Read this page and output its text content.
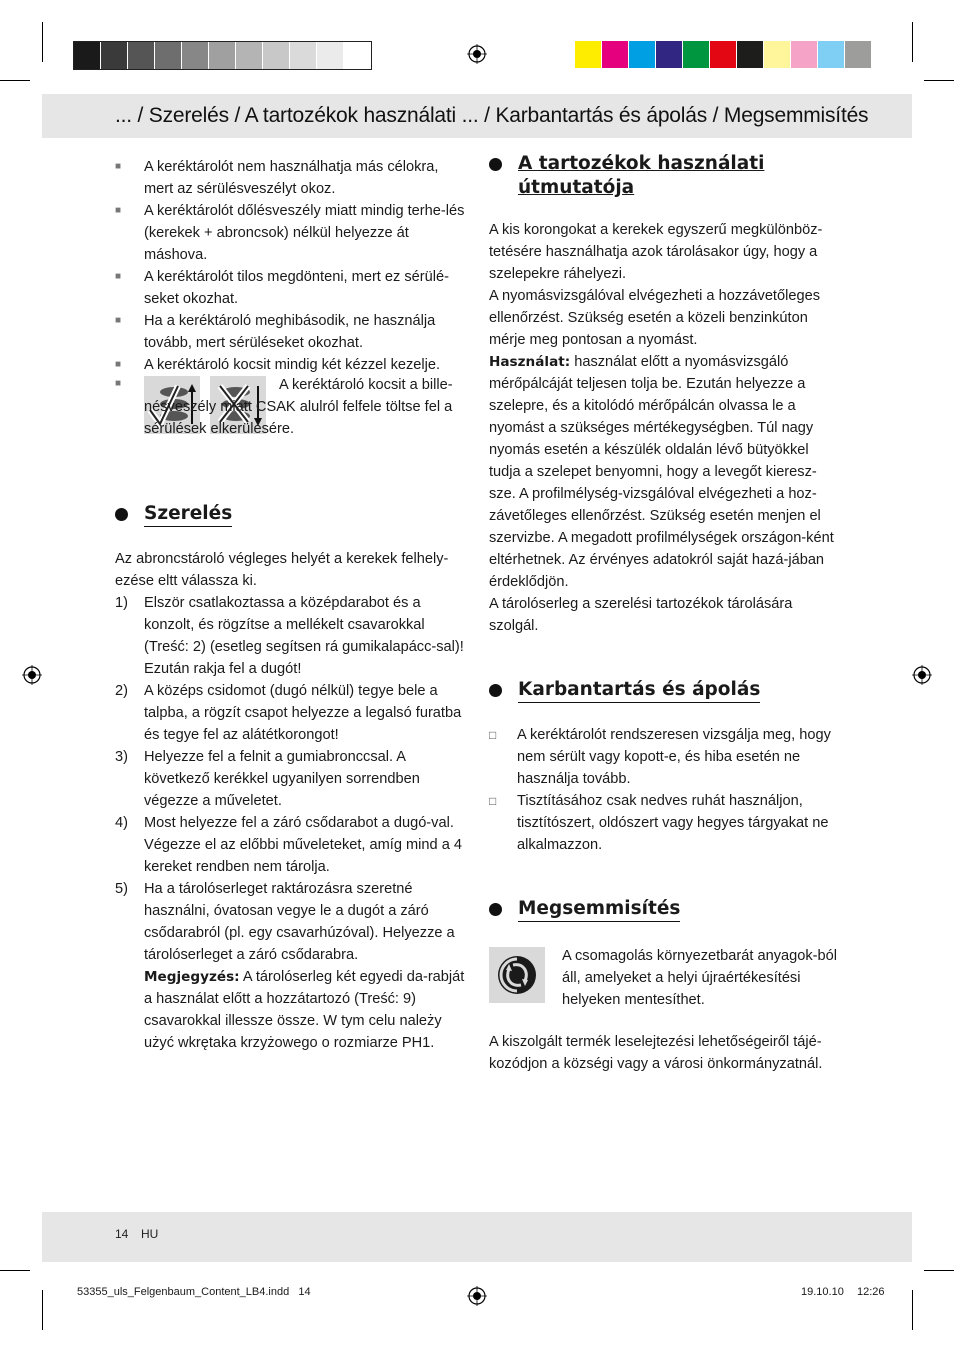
... / Szerelés / A tartozékok használati ... / Karbantartás és ápolás / Megsemmisítés
■ A keréktárolót nem használhatja más célokra, mert az sérülésveszélyt okoz.
■ A keréktárolót dőlésveszély miatt mindig terhe-lés (kerekek + abroncsok) nélkül helyezze át máshova.
■ A keréktárolót tilos megdönteni, mert ez sérülé-seket okozhat.
■ Ha a keréktároló meghibásodik, ne használja tovább, mert sérüléseket okozhat.
■ A keréktároló kocsit mindig két kézzel kezelje.
■	A keréktároló kocsit a bille-nésveszély miatt CSAK alulról felfele töltse fel a sérülések elkerülésére.
Szerelés
Az abroncstároló végleges helyét a kerekek felhely-ezése eltt válassza ki.
1) Elször csatlakoztassa a középdarabot és a konzolt, és rögzítse a mellékelt csavarokkal (Treść: 2) (esetleg segítsen rá gumikalapácc-sal)! Ezután rakja fel a dugót!
2) A középs csidomot (dugó nélkül) tegye bele a talpba, a rögzít csapot helyezze a legalsó furatba és tegye fel az alátétkorongot!
3) Helyezze fel a felnit a gumiabronccsal. A következő kerékkel ugyanilyen sorrendben végezze a műveletet.
4) Most helyezze fel a záró csődarabot a dugó-val. Végezze el az előbbi műveleteket, amíg mind a 4 kereket rendben nem tárolja.
5) Ha a tárolóserleget raktározásra szeretné használni, óvatosan vegye le a dugót a záró csődarabról (pl. egy csavarhúzóval). Helyezze a tárolóserleget a záró csődarabra.
Megjegyzés: A tárolóserleg két egyedi da-rabját a használat előtt a hozzátartozó (Treść: 9) csavarokkal illessze össze. W tym celu należy użyć wkrętaka krzyżowego o rozmiarze PH1.
A tartozékok használati útmutatója
A kis korongokat a kerekek egyszerű megkülönböz-tetésére használhatja azok tárolásakor úgy, hogy a szelepekre ráhelyezi.
A nyomásvizsgálóval elvégezheti a hozzávetőleges ellenőrzést. Szükség esetén a közeli benzinkúton mérje meg pontosan a nyomást.
Használat: használat előtt a nyomásvizsgáló mérőpálcáját teljesen tolja be. Ezután helyezze a szelepre, és a kitolódó mérőpálcán olvassa le a nyomást a szükséges mértékegységben. Túl nagy nyomás esetén a készülék oldalán lévő bütyökkel tudja a szelepet benyomni, hogy a levegőt kieresz-sze. A profilmélység-vizsgálóval elvégezheti a hoz-závetőleges ellenőrzést. Szükség esetén menjen el szervizbe. A megadott profilmélységek országon-ként eltérhetnek. Az érvényes adatokról saját hazá-jában érdeklődjön.
A tárolóserleg a szerelési tartozékok tárolására szolgál.
Karbantartás és ápolás
□ A keréktárolót rendszeresen vizsgálja meg, hogy nem sérült vagy kopott-e, és hiba esetén ne használja tovább.
□ Tisztításához csak nedves ruhát használjon, tisztítószert, oldószert vagy hegyes tárgyakat ne alkalmazzon.
Megsemmisítés
A csomagolás környezetbarát anyagok-ból áll, amelyeket a helyi újraértékesítési helyeken mentesíthet.
A kiszolgált termék leselejtezési lehetőségeiről tájé-kozódjon a községi vagy a városi önkormányzatnál.
14 HU
53355_uls_Felgenbaum_Content_LB4.indd   14	19.10.10 12:26
